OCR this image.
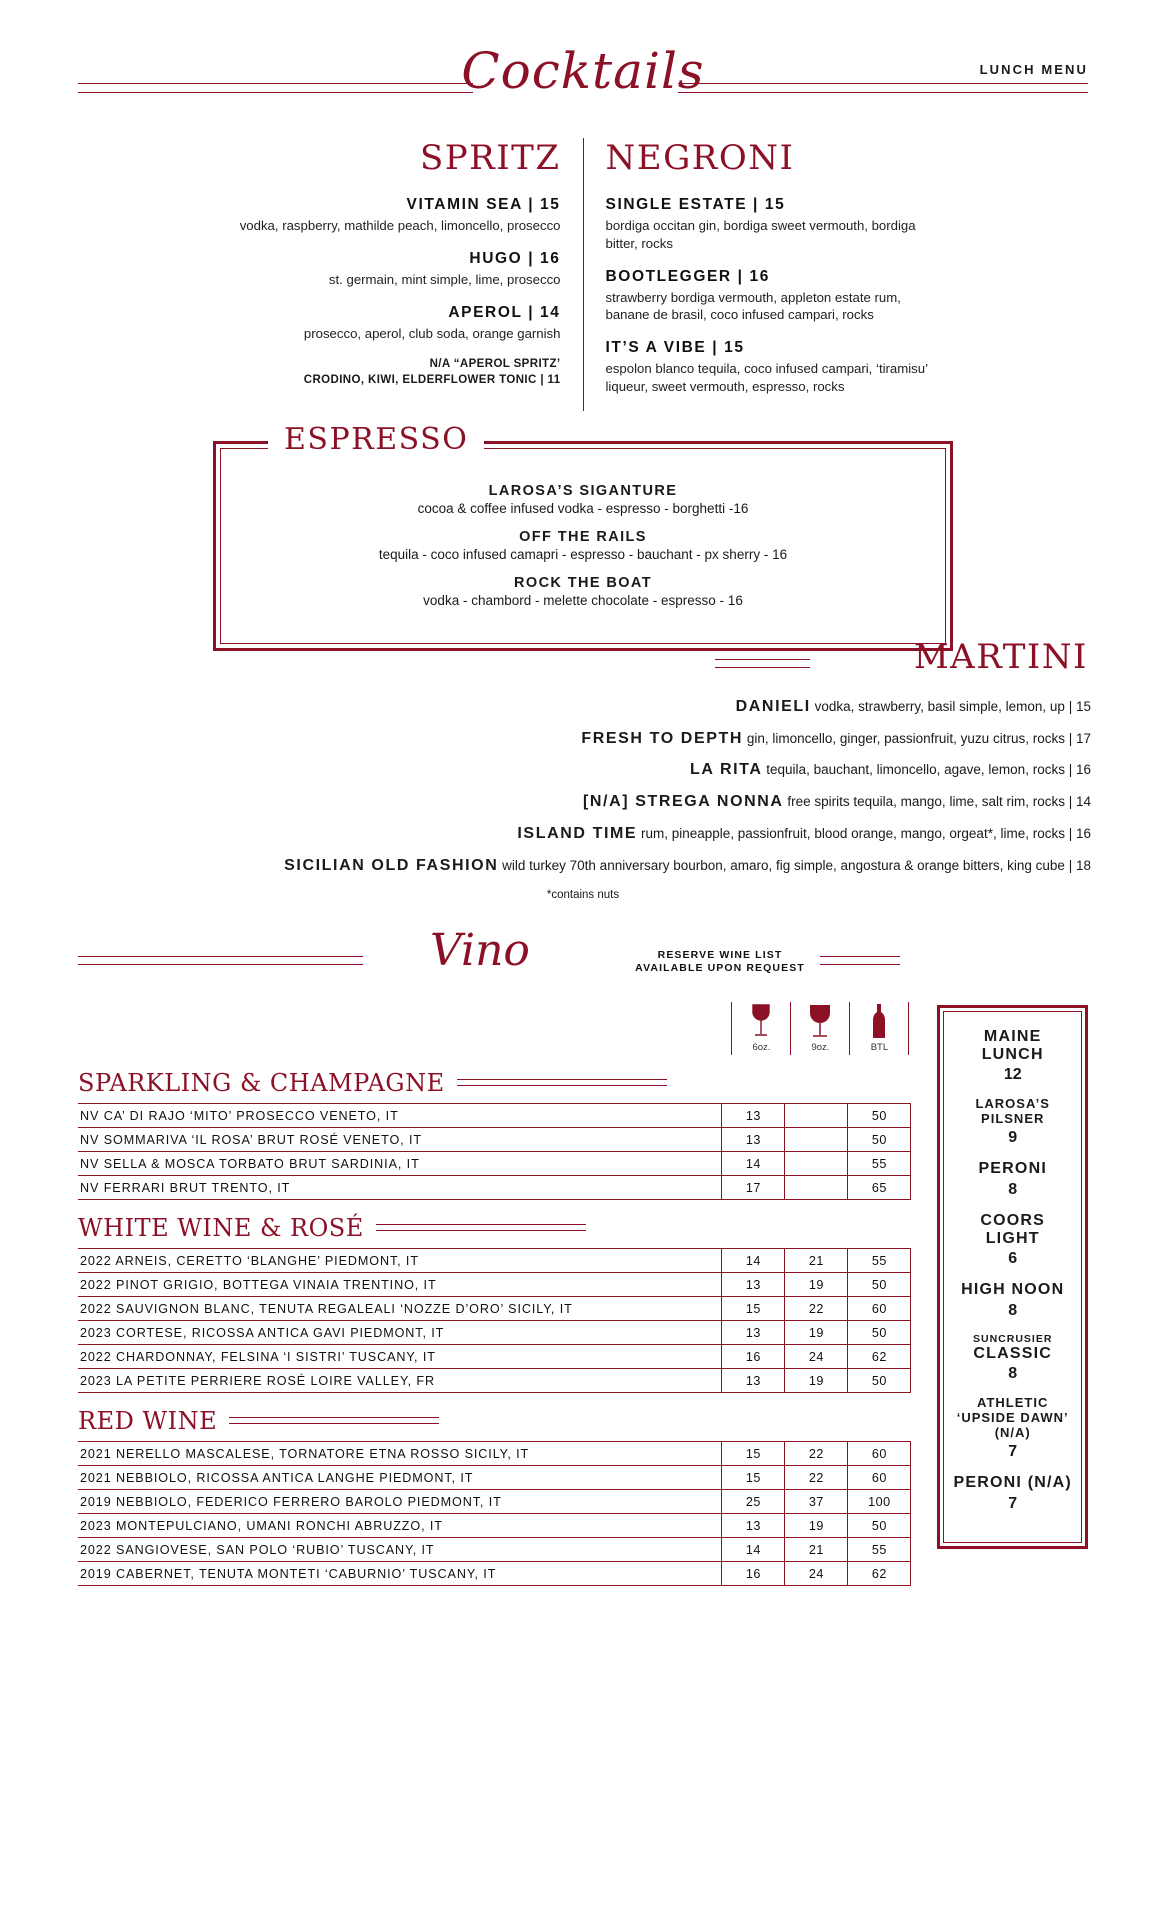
Cocktails	LUNCH MENU
SPRITZ
VITAMIN SEA | 15
vodka, raspberry, mathilde peach, limoncello, prosecco
HUGO | 16
st. germain, mint simple, lime, prosecco
APEROL | 14
prosecco, aperol, club soda, orange garnish
N/A “APEROL SPRITZ’
CRODINO, KIWI, ELDERFLOWER TONIC | 11
NEGRONI
SINGLE ESTATE | 15
bordiga occitan gin, bordiga sweet vermouth, bordiga bitter, rocks
BOOTLEGGER | 16
strawberry bordiga vermouth, appleton estate rum, banane de brasil, coco infused campari, rocks
IT’S A VIBE | 15
espolon blanco tequila, coco infused campari, ‘tiramisu’ liqueur, sweet vermouth, espresso, rocks
ESPRESSO
LAROSA’S SIGANTURE
cocoa & coffee infused vodka - espresso - borghetti -16
OFF THE RAILS
tequila - coco infused camapri - espresso - bauchant - px sherry - 16
ROCK THE BOAT
vodka - chambord - melette chocolate - espresso - 16
MARTINI
DANIELI vodka, strawberry, basil simple, lemon, up | 15
FRESH TO DEPTH gin, limoncello, ginger, passionfruit, yuzu citrus, rocks | 17
LA RITA tequila, bauchant, limoncello, agave, lemon, rocks | 16
[N/A] STREGA NONNA free spirits tequila, mango, lime, salt rim, rocks | 14
ISLAND TIME rum, pineapple, passionfruit, blood orange, mango, orgeat*, lime, rocks | 16
SICILIAN OLD FASHION wild turkey 70th anniversary bourbon, amaro, fig simple, angostura & orange bitters, king cube | 18
*contains nuts
Vino	RESERVE WINE LIST
AVAILABLE UPON REQUEST
6oz.	9oz.	BTL
SPARKLING & CHAMPAGNE
NV CA’ DI RAJO ‘MITO’ PROSECCO VENETO, IT	13		50
NV SOMMARIVA ‘IL ROSA’ BRUT ROSÉ VENETO, IT	13		50
NV SELLA & MOSCA TORBATO BRUT SARDINIA, IT	14		55
NV FERRARI BRUT TRENTO, IT	17		65
WHITE WINE & ROSÉ
2022 ARNEIS, CERETTO ‘BLANGHE’ PIEDMONT, IT	14	21	55
2022 PINOT GRIGIO, BOTTEGA VINAIA TRENTINO, IT	13	19	50
2022 SAUVIGNON BLANC, TENUTA REGALEALI ‘NOZZE D’ORO’ SICILY, IT	15	22	60
2023 CORTESE, RICOSSA ANTICA GAVI PIEDMONT, IT	13	19	50
2022 CHARDONNAY, FELSINA ‘I SISTRI’ TUSCANY, IT	16	24	62
2023 LA PETITE PERRIERE ROSÉ LOIRE VALLEY, FR	13	19	50
RED WINE
2021 NERELLO MASCALESE, TORNATORE ETNA ROSSO SICILY, IT	15	22	60
2021 NEBBIOLO, RICOSSA ANTICA LANGHE PIEDMONT, IT	15	22	60
2019 NEBBIOLO, FEDERICO FERRERO BAROLO PIEDMONT, IT	25	37	100
2023 MONTEPULCIANO, UMANI RONCHI ABRUZZO, IT	13	19	50
2022 SANGIOVESE, SAN POLO ‘RUBIO’ TUSCANY, IT	14	21	55
2019 CABERNET, TENUTA MONTETI ‘CABURNIO’ TUSCANY, IT	16	24	62
MAINE LUNCH
12
LAROSA’S PILSNER
9
PERONI
8
COORS LIGHT
6
HIGH NOON
8
SUNCRUSIER
CLASSIC
8
ATHLETIC ‘UPSIDE DAWN’ (N/A)
7
PERONI (N/A)
7
